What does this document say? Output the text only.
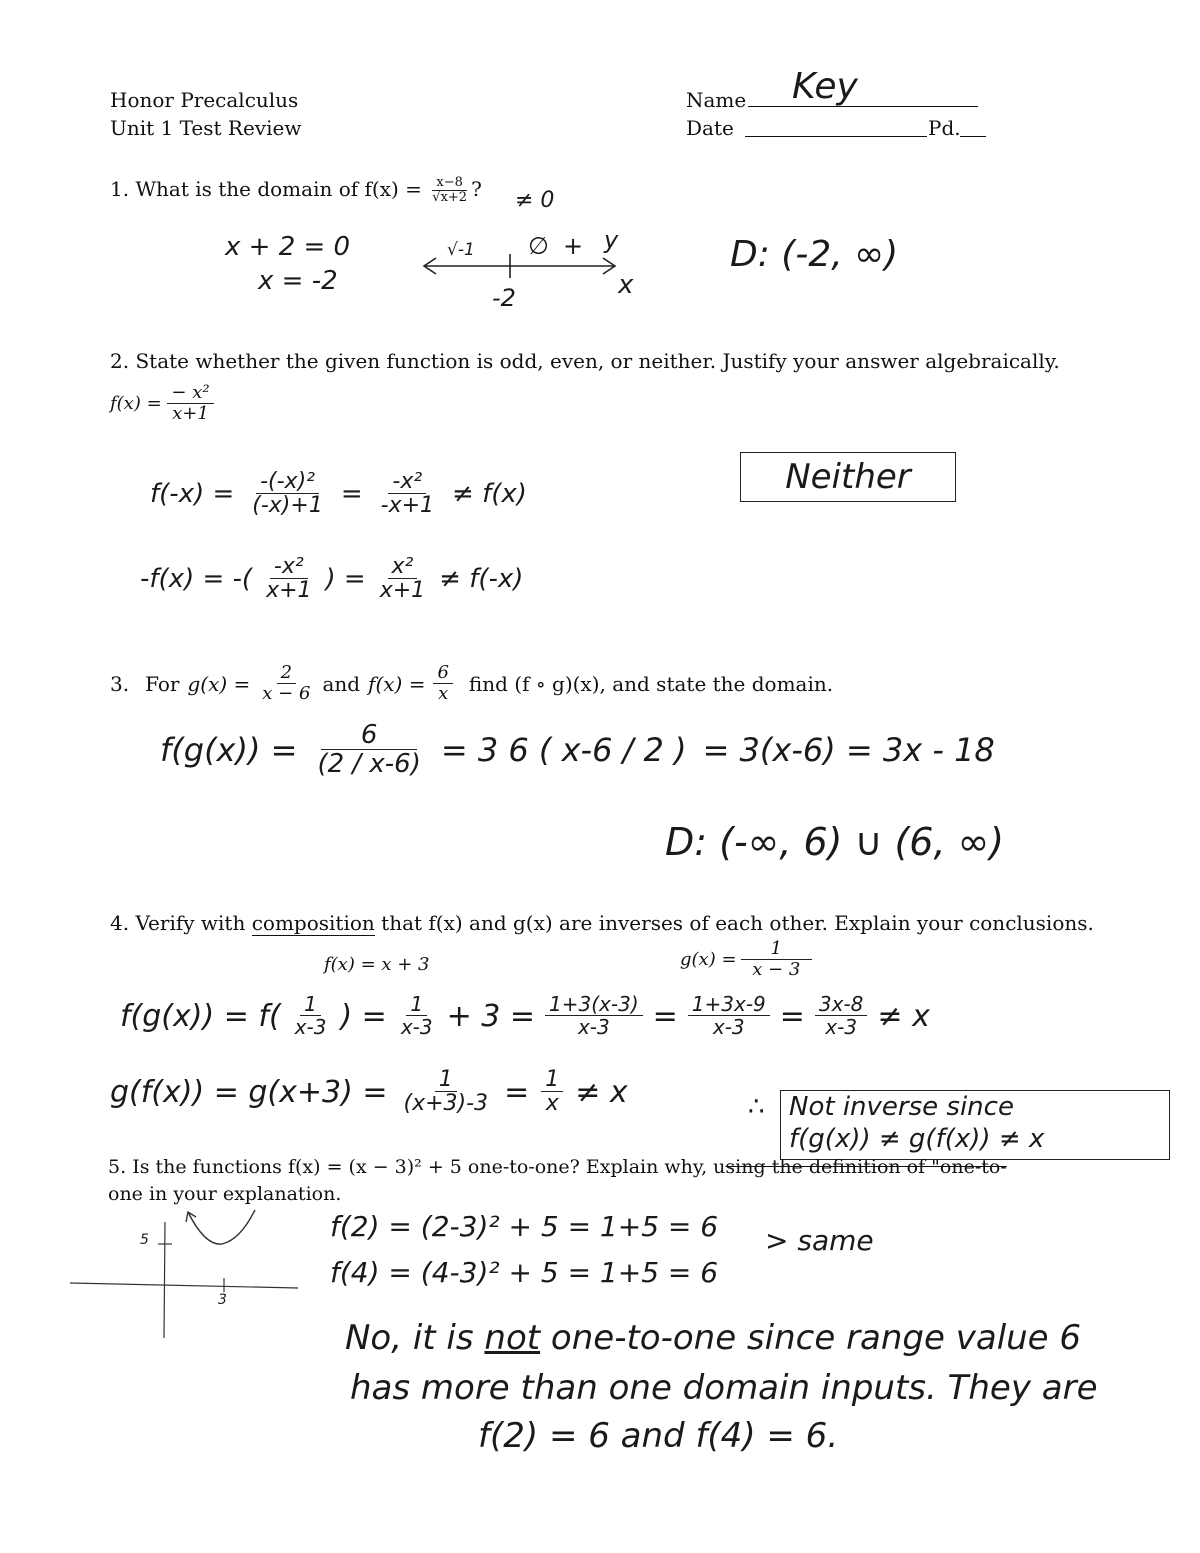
Honor Precalculus
Unit 1 Test Review
Name Key
Date	Pd.
1. What is the domain of $f(x) = \frac{x-8}{√x+2}$ ? ≠ 0
x + 2 = 0
x = -2
√-1 ∅ + y
-2	x
D: (-2, ∞)
2. State whether the given function is odd, even, or neither. Justify your answer algebraically.
$f(x) = \frac{\text{− x²}}{x+1}$
$f(-x) = \frac{\text{-(-x)²}}{(-x)+1} = \frac{\text{-x²}}{-x+1} \ne f(x)$	Neither
-f(x) = -( $\frac{\text{-x²}}{x+1}$ ) = $\frac{\text{x²}}{x+1} \ne f(-x)$
3. For $g(x) = \frac{2}{x - 6}$ and $f(x) = \frac{6}{x}$ find (f ∘ g)(x), and state the domain.
$f(g(x)) = \frac{6}{(2 / x-6)} = 3$ 6 ( x-6 / 2 ) = 3(x-6) = 3x - 18
D: (-∞, 6) ∪ (6, ∞)
4. Verify with composition that f(x) and g(x) are inverses of each other. Explain your conclusions.
f(x) = x + 3	$g(x) = \frac{1}{x - 3}$
$f(g(x)) = f( \frac{1}{x-3}$ ) = $\frac{1}{x-3} + 3 = \frac{1+3(x-3)}{x-3} = \frac{1+3x-9}{x-3} = \frac{3x-8}{x-3} \ne x$
$g(f(x)) = g(x+3) = \frac{1}{(x+3)-3} = \frac{1}{x} \ne x$	∴ Not inverse since
f(g(x)) ≠ g(f(x)) ≠ x
5. Is the functions f(x) = (x − 3)² + 5 one-to-one? Explain why, using the definition of "one-to-
one in your explanation.
5
3
f(2) = (2-3)² + 5 = 1+5 = 6
f(4) = (4-3)² + 5 = 1+5 = 6
> same
No, it is not one-to-one since range value 6
has more than one domain inputs. They are
f(2) = 6 and f(4) = 6.
